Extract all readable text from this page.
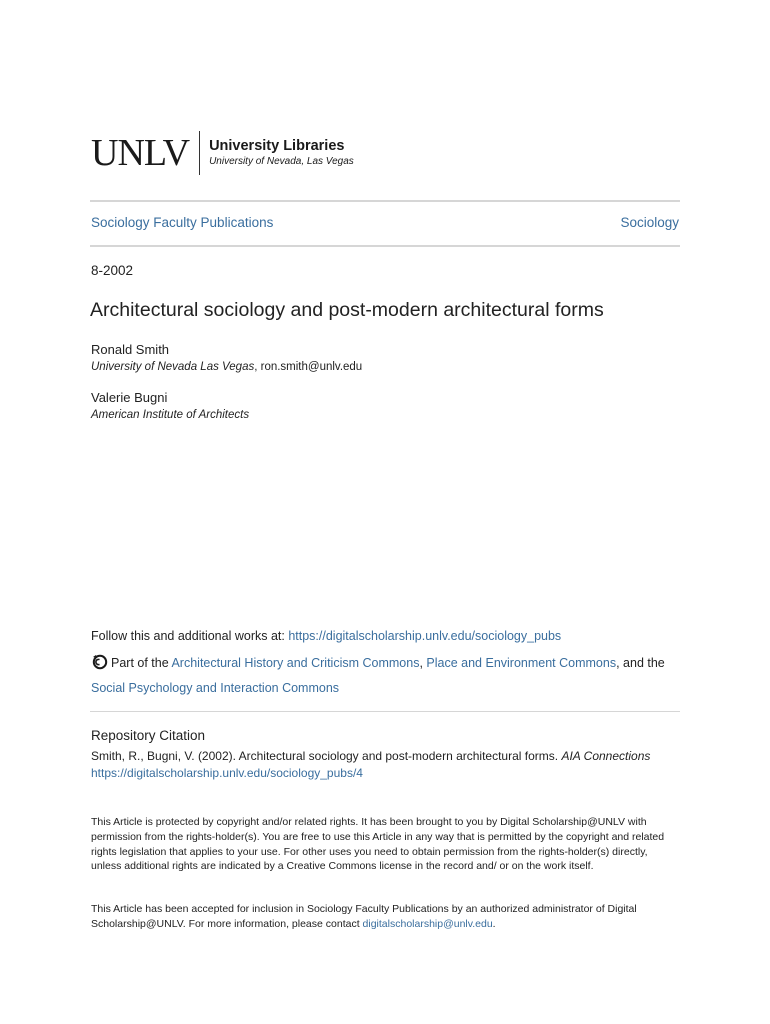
UNLV University Libraries
University of Nevada, Las Vegas
Sociology Faculty Publications	Sociology
8-2002
Architectural sociology and post-modern architectural forms
Ronald Smith
University of Nevada Las Vegas, ron.smith@unlv.edu
Valerie Bugni
American Institute of Architects
Follow this and additional works at: https://digitalscholarship.unlv.edu/sociology_pubs
Part of the Architectural History and Criticism Commons, Place and Environment Commons, and the
Social Psychology and Interaction Commons
Repository Citation
Smith, R., Bugni, V. (2002). Architectural sociology and post-modern architectural forms. AIA Connections
https://digitalscholarship.unlv.edu/sociology_pubs/4

This Article is protected by copyright and/or related rights. It has been brought to you by Digital Scholarship@UNLV with permission from the rights-holder(s). You are free to use this Article in any way that is permitted by the copyright and related rights legislation that applies to your use. For other uses you need to obtain permission from the rights-holder(s) directly, unless additional rights are indicated by a Creative Commons license in the record and/ or on the work itself.

This Article has been accepted for inclusion in Sociology Faculty Publications by an authorized administrator of Digital Scholarship@UNLV. For more information, please contact digitalscholarship@unlv.edu.
